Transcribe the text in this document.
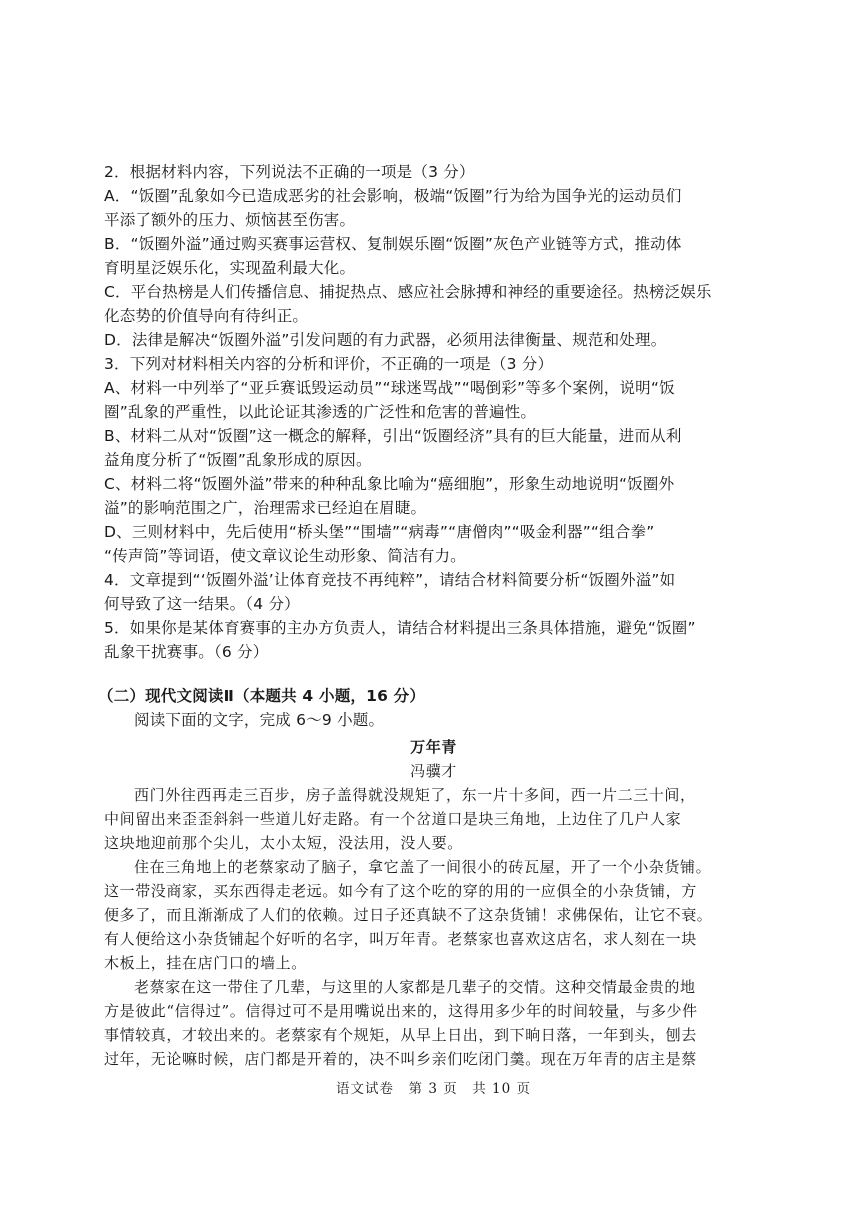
2．根据材料内容，下列说法不正确的一项是（3 分）
A．“饭圈”乱象如今已造成恶劣的社会影响，极端“饭圈”行为给为国争光的运动员们
平添了额外的压力、烦恼甚至伤害。
B．“饭圈外溢”通过购买赛事运营权、复制娱乐圈“饭圈”灰色产业链等方式，推动体
育明星泛娱乐化，实现盈利最大化。
C．平台热榜是人们传播信息、捕捉热点、感应社会脉搏和神经的重要途径。热榜泛娱乐
化态势的价值导向有待纠正。
D．法律是解决“饭圈外溢”引发问题的有力武器，必须用法律衡量、规范和处理。
3．下列对材料相关内容的分析和评价，不正确的一项是（3 分）
A、材料一中列举了“亚乒赛诋毁运动员”“球迷骂战”“喝倒彩”等多个案例，说明“饭
圈”乱象的严重性，以此论证其渗透的广泛性和危害的普遍性。
B、材料二从对“饭圈”这一概念的解释，引出“饭圈经济”具有的巨大能量，进而从利
益角度分析了“饭圈”乱象形成的原因。
C、材料二将“饭圈外溢”带来的种种乱象比喻为“癌细胞”，形象生动地说明“饭圈外
溢”的影响范围之广，治理需求已经迫在眉睫。
D、三则材料中，先后使用“桥头堡”“围墙”“病毒”“唐僧肉”“吸金利器”“组合拳”
“传声筒”等词语，使文章议论生动形象、简洁有力。
4．文章提到“‘饭圈外溢’让体育竞技不再纯粹”，请结合材料简要分析“饭圈外溢”如
何导致了这一结果。（4 分）
5．如果你是某体育赛事的主办方负责人，请结合材料提出三条具体措施，避免“饭圈”
乱象干扰赛事。（6 分）
（二）现代文阅读Ⅱ（本题共 4 小题，16 分）
阅读下面的文字，完成 6～9 小题。
万年青
冯骥才
西门外往西再走三百步，房子盖得就没规矩了，东一片十多间，西一片二三十间，
中间留出来歪歪斜斜一些道儿好走路。有一个岔道口是块三角地，上边住了几户人家
这块地迎前那个尖儿，太小太短，没法用，没人要。
住在三角地上的老蔡家动了脑子，拿它盖了一间很小的砖瓦屋，开了一个小杂货铺。
这一带没商家，买东西得走老远。如今有了这个吃的穿的用的一应俱全的小杂货铺，方
便多了，而且渐渐成了人们的依赖。过日子还真缺不了这杂货铺！求佛保佑，让它不衰。
有人便给这小杂货铺起个好听的名字，叫万年青。老蔡家也喜欢这店名，求人刻在一块
木板上，挂在店门口的墙上。
老蔡家在这一带住了几辈，与这里的人家都是几辈子的交情。这种交情最金贵的地
方是彼此“信得过”。信得过可不是用嘴说出来的，这得用多少年的时间较量，与多少件
事情较真，才较出来的。老蔡家有个规矩，从早上日出，到下晌日落，一年到头，刨去
过年，无论嘛时候，店门都是开着的，决不叫乡亲们吃闭门羹。现在万年青的店主是蔡
语文试卷　第 3 页　共 10 页
